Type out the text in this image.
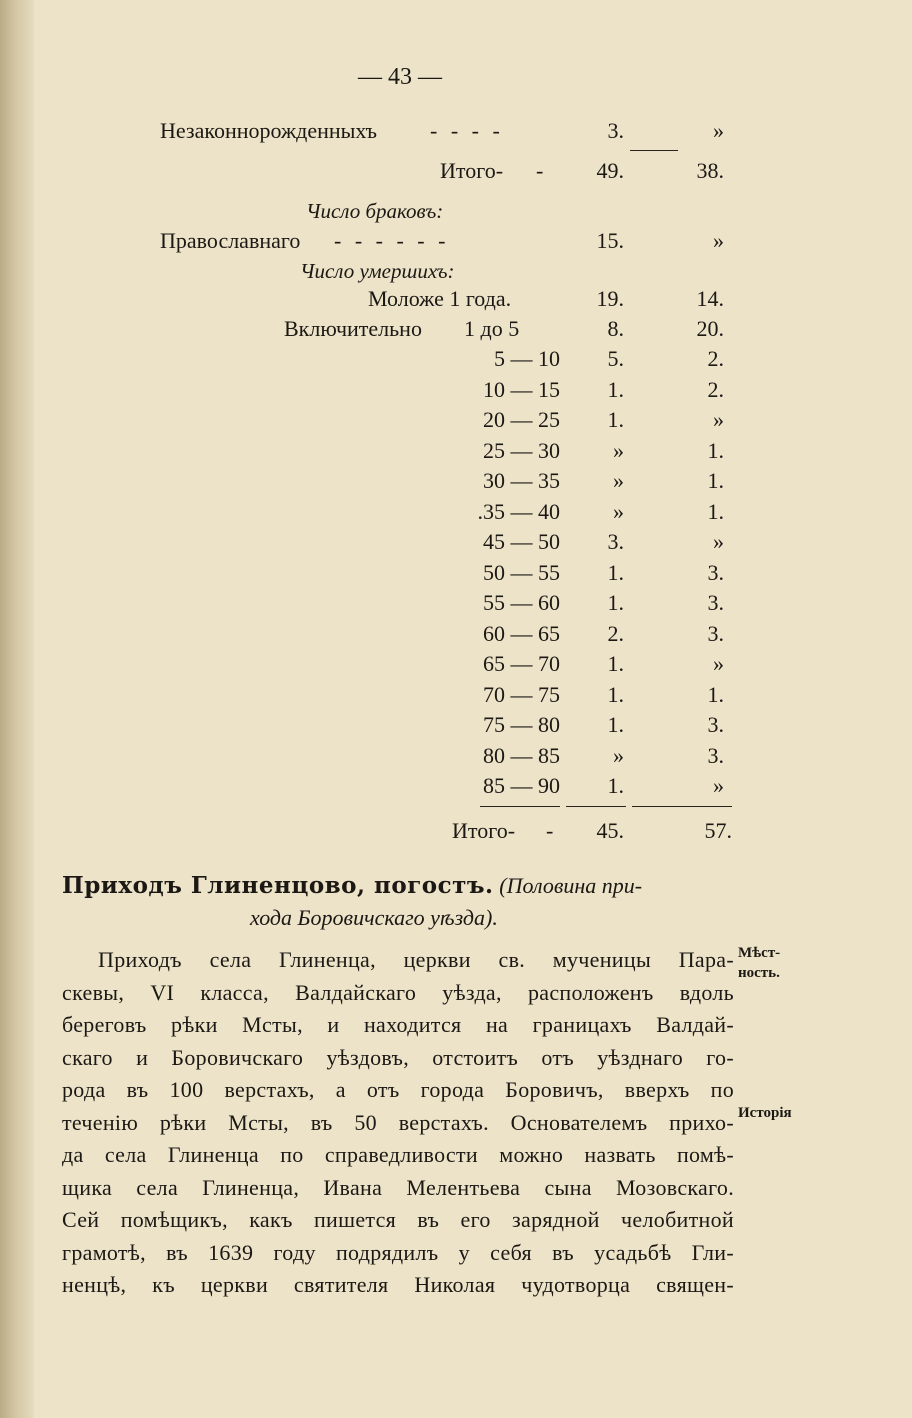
— 43 —
Незаконнорожденныхъ - - - -	3.	»
Итого- - 49.	38.
Число браковъ:
Православнаго - - - - - -	15.	»
Число умершихъ:
Моложе 1 года.	19.	14.
Включительно 1 до 5	8.	20.
5 — 10 5.	2.
10 — 15 1.	2.
20 — 25 1.	»
25 — 30 »	1.
30 — 35 »	1.
.35 — 40 »	1.
45 — 50 3.	»
50 — 55 1.	3.
55 — 60 1.	3.
60 — 65 2.	3.
65 — 70 1.	»
70 — 75 1.	1.
75 — 80 1.	3.
80 — 85 »	3.
85 — 90 1.	»
Итого- - 45.	57.
Приходъ Глиненцово, погостъ. (Половина при-
хода Боровичскаго уѣзда).
Приходъ села Глиненца, церкви св. мученицы Пара-
скевы, VI класса, Валдайскаго уѣзда, расположенъ вдоль
береговъ рѣки Мсты, и находится на границахъ Валдай-
скаго и Боровичскаго уѣздовъ, отстоитъ отъ уѣзднаго го-
рода въ 100 верстахъ, а отъ города Боровичъ, вверхъ по
теченію рѣки Мсты, въ 50 верстахъ. Основателемъ прихо-
да села Глиненца по справедливости можно назвать помѣ-
щика села Глиненца, Ивана Мелентьева сына Мозовскаго.
Сей помѣщикъ, какъ пишется въ его зарядной челобитной
грамотѣ, въ 1639 году подрядилъ у себя въ усадьбѣ Гли-
ненцѣ, къ церкви святителя Николая чудотворца священ-
Мѣст-
ность.
Исторія
